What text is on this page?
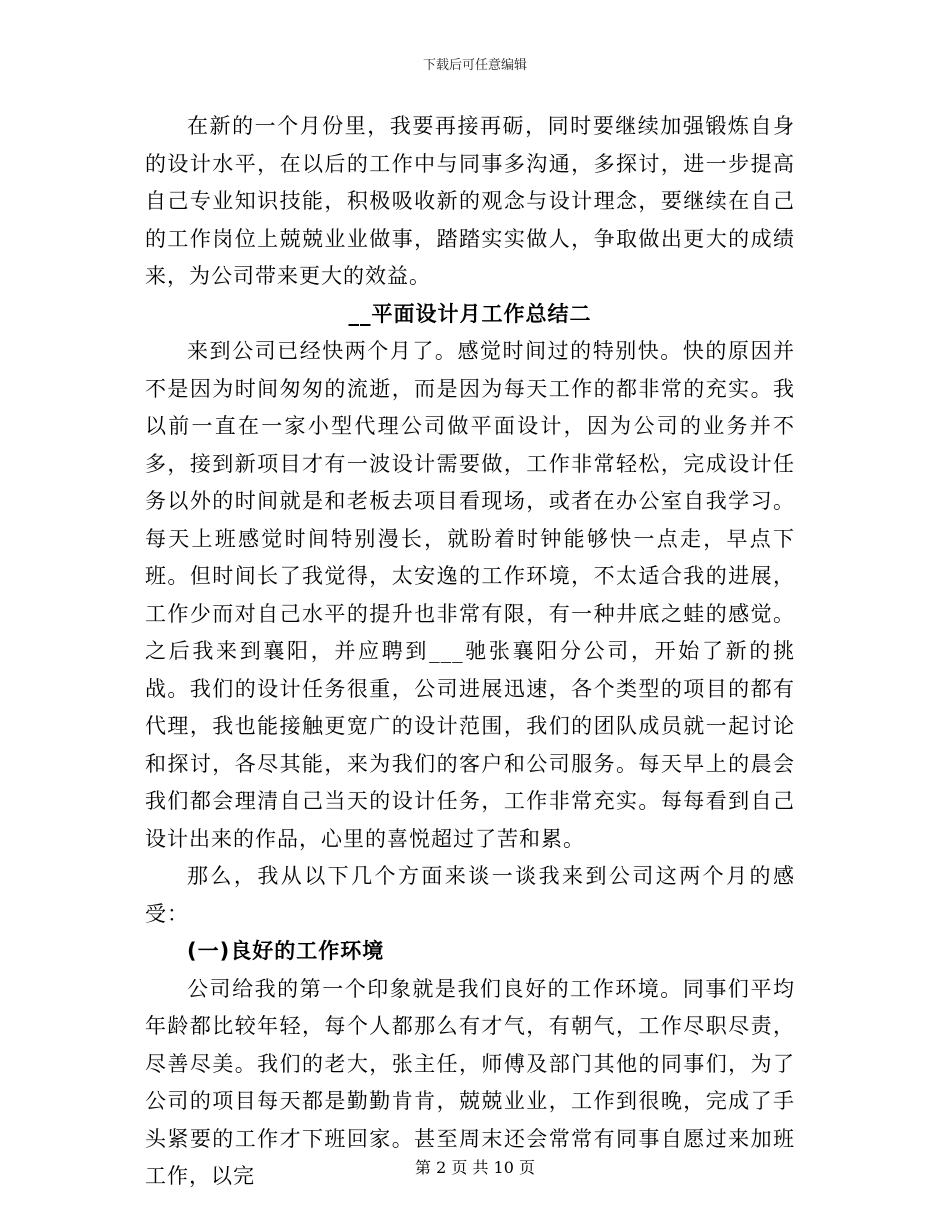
下载后可任意编辑

在新的一个月份里，我要再接再砺，同时要继续加强锻炼自身的设计水平，在以后的工作中与同事多沟通，多探讨，进一步提高自己专业知识技能，积极吸收新的观念与设计理念，要继续在自己的工作岗位上兢兢业业做事，踏踏实实做人，争取做出更大的成绩来，为公司带来更大的效益。

__平面设计月工作总结二

来到公司已经快两个月了。感觉时间过的特别快。快的原因并不是因为时间匆匆的流逝，而是因为每天工作的都非常的充实。我以前一直在一家小型代理公司做平面设计，因为公司的业务并不多，接到新项目才有一波设计需要做，工作非常轻松，完成设计任务以外的时间就是和老板去项目看现场，或者在办公室自我学习。每天上班感觉时间特别漫长，就盼着时钟能够快一点走，早点下班。但时间长了我觉得，太安逸的工作环境，不太适合我的进展，工作少而对自己水平的提升也非常有限，有一种井底之蛙的感觉。之后我来到襄阳，并应聘到___驰张襄阳分公司，开始了新的挑战。我们的设计任务很重，公司进展迅速，各个类型的项目的都有代理，我也能接触更宽广的设计范围，我们的团队成员就一起讨论和探讨，各尽其能，来为我们的客户和公司服务。每天早上的晨会我们都会理清自己当天的设计任务，工作非常充实。每每看到自己设计出来的作品，心里的喜悦超过了苦和累。

那么，我从以下几个方面来谈一谈我来到公司这两个月的感受：

(一)良好的工作环境

公司给我的第一个印象就是我们良好的工作环境。同事们平均年龄都比较年轻，每个人都那么有才气，有朝气，工作尽职尽责，尽善尽美。我们的老大，张主任，师傅及部门其他的同事们，为了公司的项目每天都是勤勤肯肯，兢兢业业，工作到很晚，完成了手头紧要的工作才下班回家。甚至周末还会常常有同事自愿过来加班工作，以完	第 2 页 共 10 页
